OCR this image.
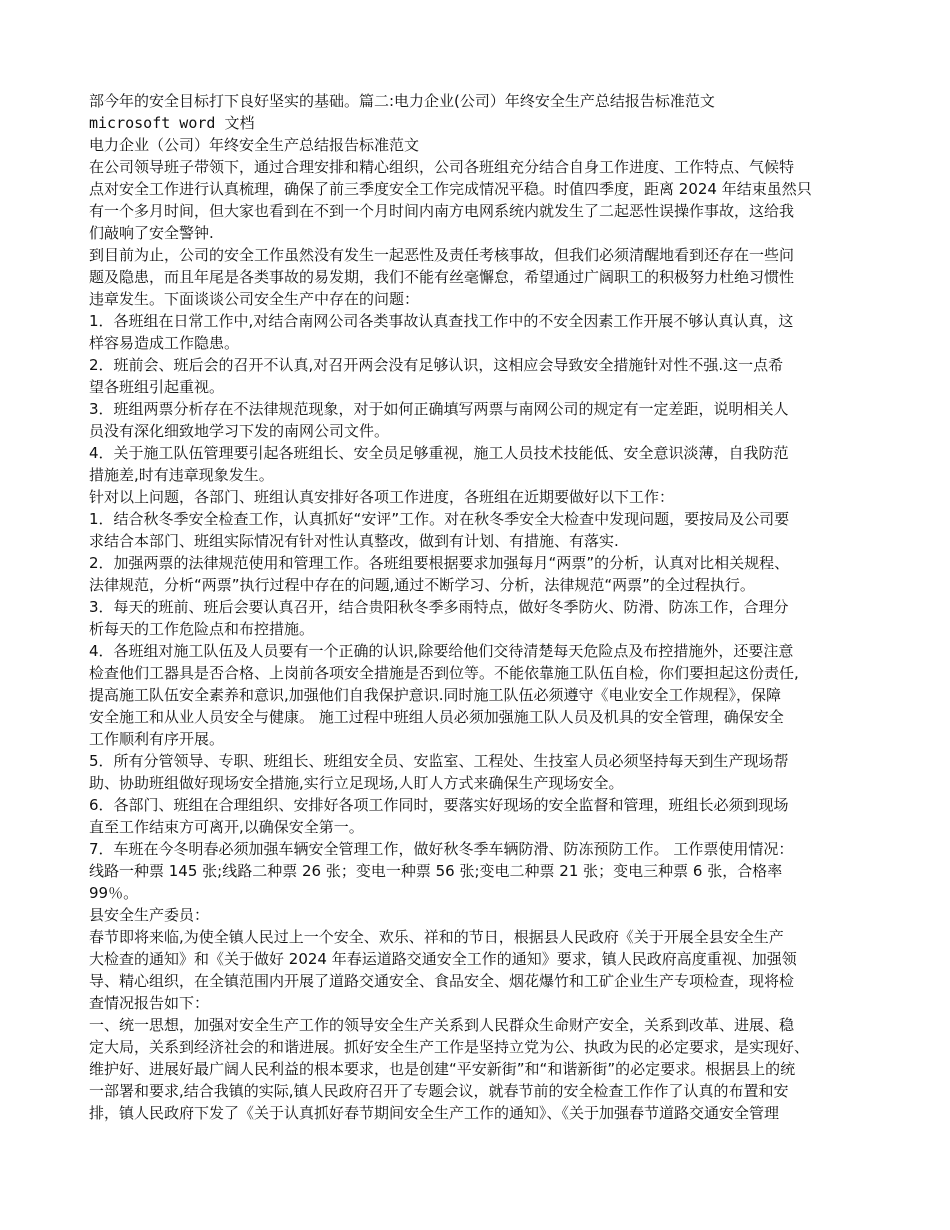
部今年的安全目标打下良好坚实的基础。篇二:电力企业(公司）年终安全生产总结报告标准范文
microsoft word 文档
电力企业（公司）年终安全生产总结报告标准范文
在公司领导班子带领下，通过合理安排和精心组织，公司各班组充分结合自身工作进度、工作特点、气候特
点对安全工作进行认真梳理，确保了前三季度安全工作完成情况平稳。时值四季度，距离 2024 年结束虽然只
有一个多月时间，但大家也看到在不到一个月时间内南方电网系统内就发生了二起恶性误操作事故，这给我
们敲响了安全警钟.
到目前为止，公司的安全工作虽然没有发生一起恶性及责任考核事故，但我们必须清醒地看到还存在一些问
题及隐患，而且年尾是各类事故的易发期，我们不能有丝毫懈怠，希望通过广阔职工的积极努力杜绝习惯性
违章发生。下面谈谈公司安全生产中存在的问题：
1．各班组在日常工作中,对结合南网公司各类事故认真查找工作中的不安全因素工作开展不够认真认真，这
样容易造成工作隐患。
2．班前会、班后会的召开不认真,对召开两会没有足够认识，这相应会导致安全措施针对性不强.这一点希
望各班组引起重视。
3．班组两票分析存在不法律规范现象，对于如何正确填写两票与南网公司的规定有一定差距，说明相关人
员没有深化细致地学习下发的南网公司文件。
4．关于施工队伍管理要引起各班组长、安全员足够重视，施工人员技术技能低、安全意识淡薄，自我防范
措施差,时有违章现象发生。
针对以上问题，各部门、班组认真安排好各项工作进度，各班组在近期要做好以下工作：
1．结合秋冬季安全检查工作，认真抓好“安评”工作。对在秋冬季安全大检查中发现问题，要按局及公司要
求结合本部门、班组实际情况有针对性认真整改，做到有计划、有措施、有落实.
2．加强两票的法律规范使用和管理工作。各班组要根据要求加强每月“两票”的分析，认真对比相关规程、
法律规范，分析“两票”执行过程中存在的问题,通过不断学习、分析，法律规范“两票”的全过程执行。
3．每天的班前、班后会要认真召开，结合贵阳秋冬季多雨特点，做好冬季防火、防滑、防冻工作，合理分
析每天的工作危险点和布控措施。
4．各班组对施工队伍及人员要有一个正确的认识,除要给他们交待清楚每天危险点及布控措施外，还要注意
检查他们工器具是否合格、上岗前各项安全措施是否到位等。不能依靠施工队伍自检，你们要担起这份责任,
提高施工队伍安全素养和意识,加强他们自我保护意识.同时施工队伍必须遵守《电业安全工作规程》，保障
安全施工和从业人员安全与健康。 施工过程中班组人员必须加强施工队人员及机具的安全管理，确保安全
工作顺利有序开展。
5．所有分管领导、专职、班组长、班组安全员、安监室、工程处、生技室人员必须坚持每天到生产现场帮
助、协助班组做好现场安全措施,实行立足现场,人盯人方式来确保生产现场安全。
6．各部门、班组在合理组织、安排好各项工作同时，要落实好现场的安全监督和管理，班组长必须到现场
直至工作结束方可离开,以确保安全第一。
7．车班在今冬明春必须加强车辆安全管理工作，做好秋冬季车辆防滑、防冻预防工作。 工作票使用情况：
线路一种票 145 张;线路二种票 26 张；变电一种票 56 张;变电二种票 21 张；变电三种票 6 张，合格率
99％。
县安全生产委员：
春节即将来临,为使全镇人民过上一个安全、欢乐、祥和的节日，根据县人民政府《关于开展全县安全生产
大检查的通知》和《关于做好 2024 年春运道路交通安全工作的通知》要求，镇人民政府高度重视、加强领
导、精心组织，在全镇范围内开展了道路交通安全、食品安全、烟花爆竹和工矿企业生产专项检查，现将检
查情况报告如下：
一、统一思想，加强对安全生产工作的领导安全生产关系到人民群众生命财产安全，关系到改革、进展、稳
定大局，关系到经济社会的和谐进展。抓好安全生产工作是坚持立党为公、执政为民的必定要求，是实现好、
维护好、进展好最广阔人民利益的根本要求，也是创建“平安新街”和“和谐新街”的必定要求。根据县上的统
一部署和要求,结合我镇的实际,镇人民政府召开了专题会议，就春节前的安全检查工作作了认真的布置和安
排，镇人民政府下发了《关于认真抓好春节期间安全生产工作的通知》、《关于加强春节道路交通安全管理
